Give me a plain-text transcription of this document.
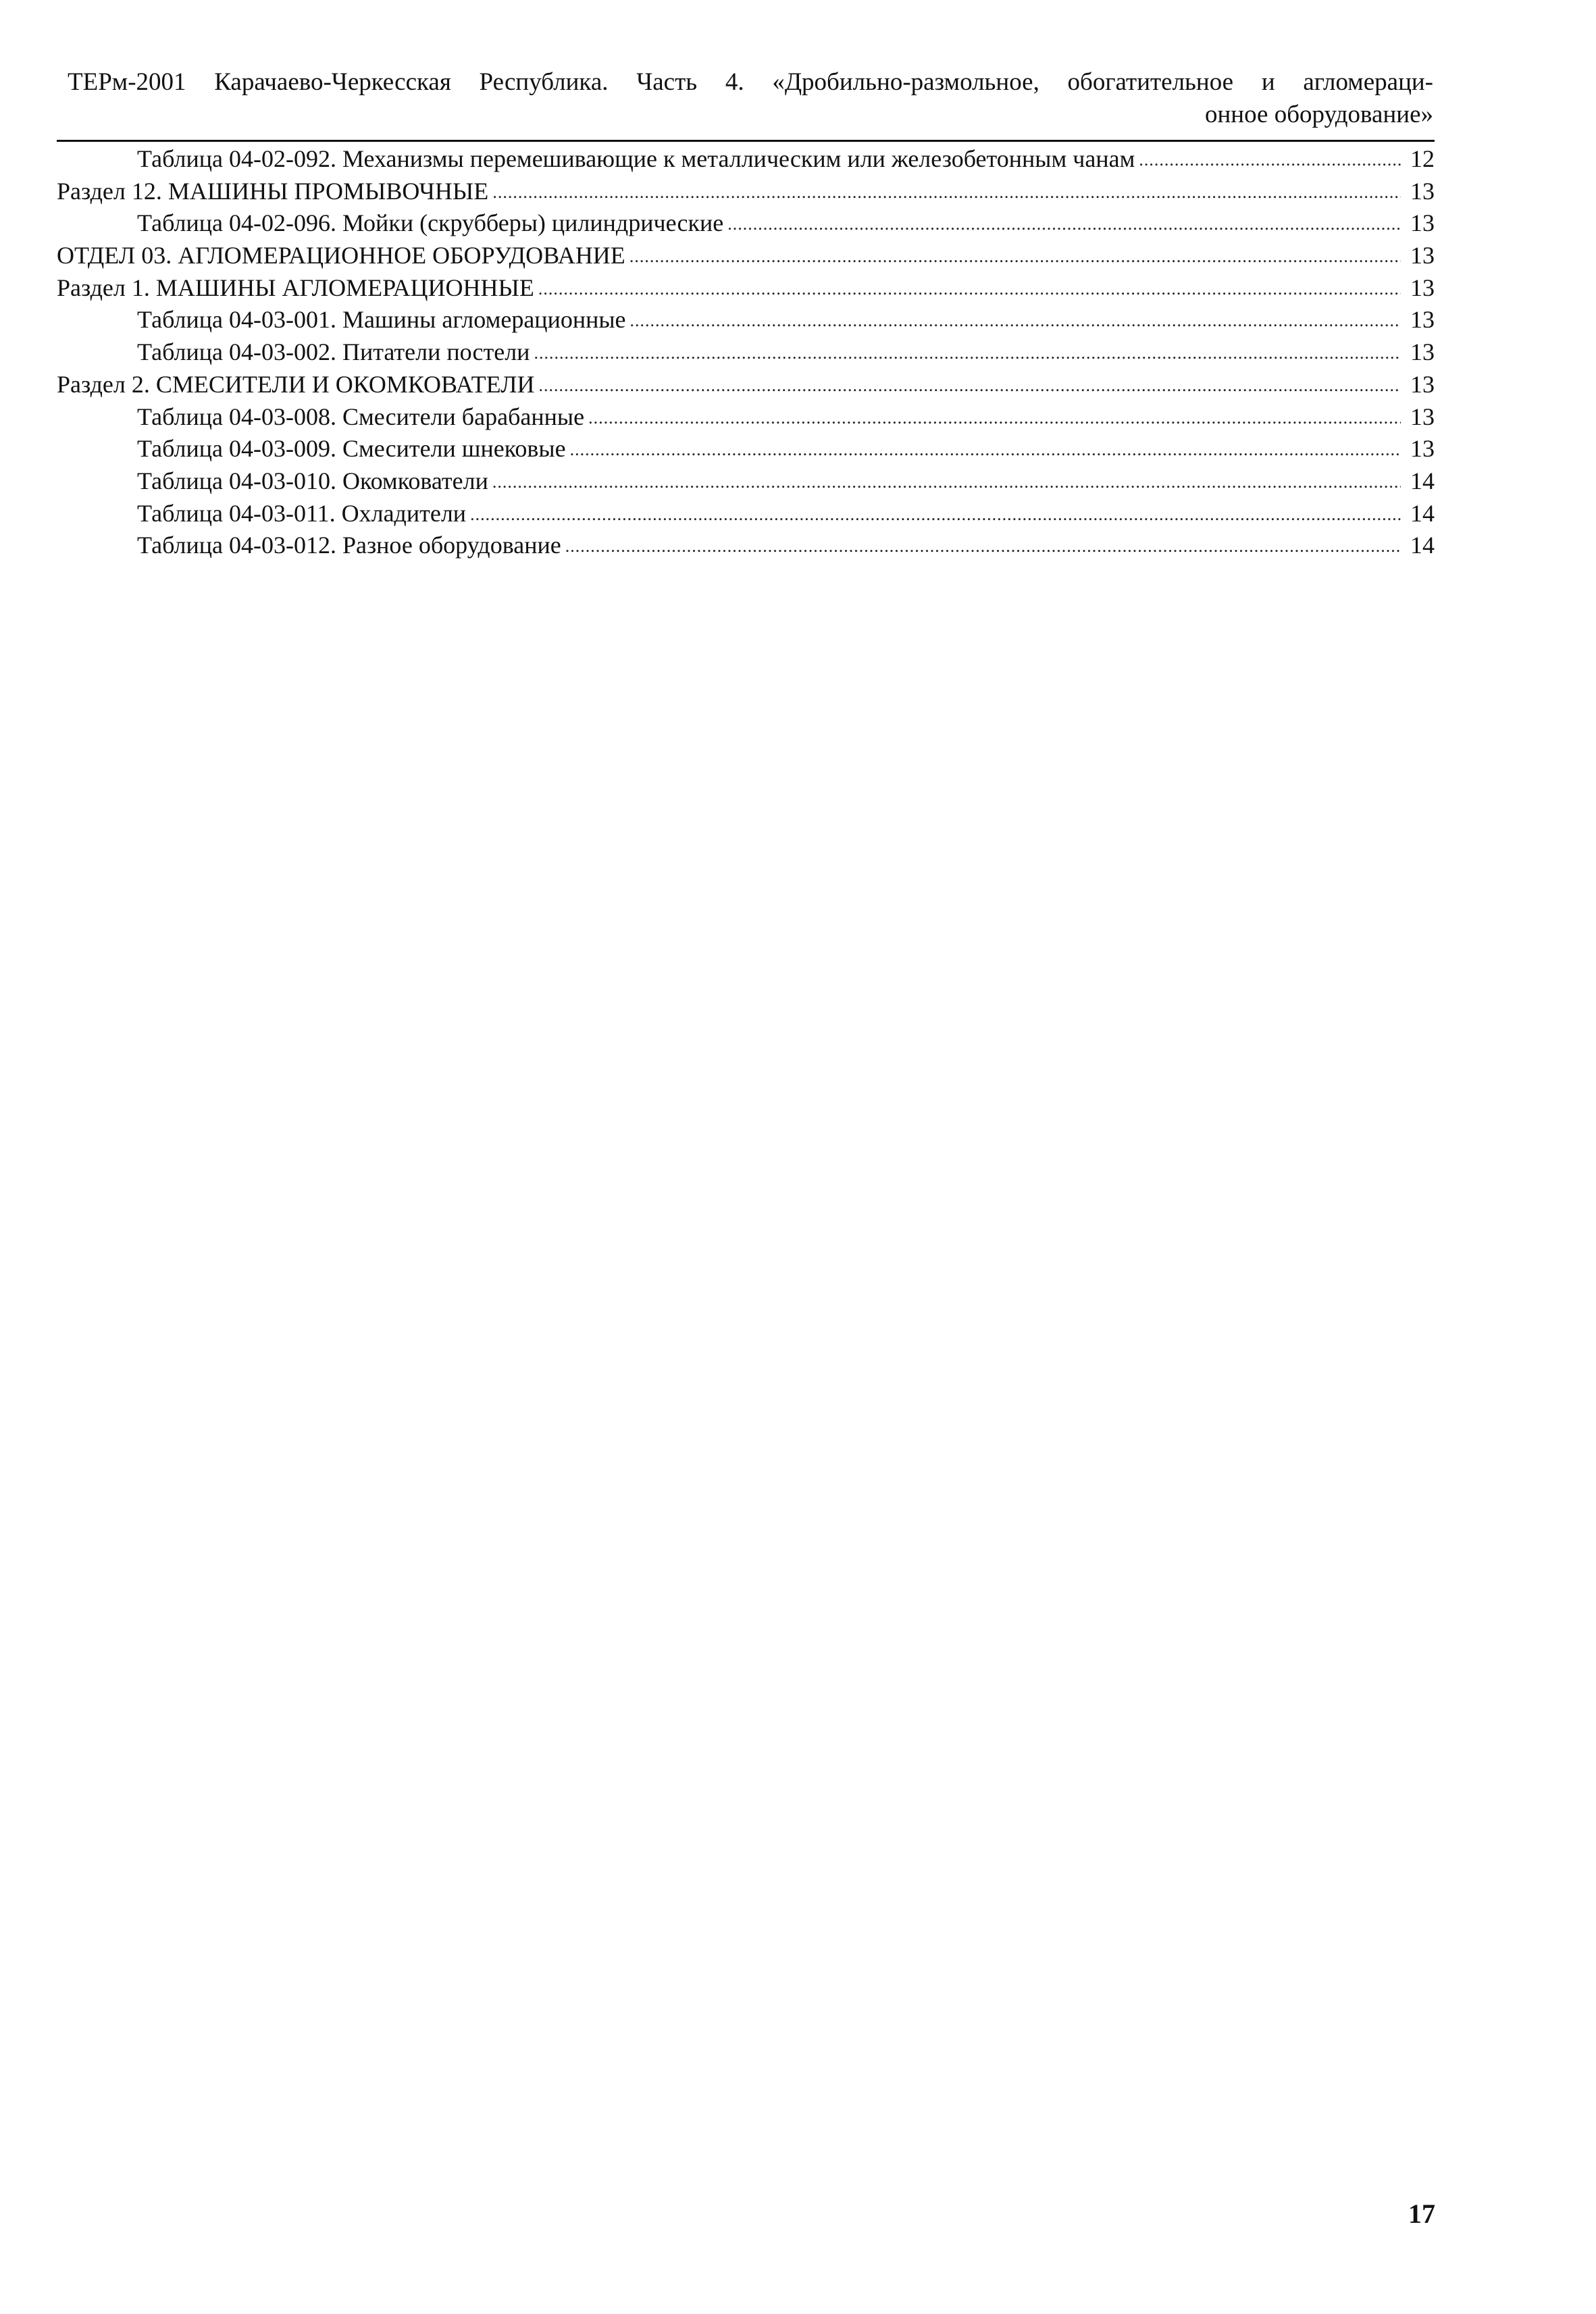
ТЕРм-2001 Карачаево-Черкесская Республика. Часть 4. «Дробильно-размольное, обогатительное и агломераци-
онное оборудование»
Таблица 04-02-092. Механизмы перемешивающие к металлическим или железобетонным чанам .....	12
Раздел 12. МАШИНЫ ПРОМЫВОЧНЫЕ .....	13
Таблица 04-02-096. Мойки (скрубберы) цилиндрические .....	13
ОТДЕЛ 03. АГЛОМЕРАЦИОННОЕ ОБОРУДОВАНИЕ .....	13
Раздел 1. МАШИНЫ АГЛОМЕРАЦИОННЫЕ .....	13
Таблица 04-03-001. Машины агломерационные .....	13
Таблица 04-03-002. Питатели постели .....	13
Раздел 2. СМЕСИТЕЛИ И ОКОМКОВАТЕЛИ .....	13
Таблица 04-03-008. Смесители барабанные .....	13
Таблица 04-03-009. Смесители шнековые .....	13
Таблица 04-03-010. Окомкователи .....	14
Таблица 04-03-011. Охладители .....	14
Таблица 04-03-012. Разное оборудование .....	14
17
